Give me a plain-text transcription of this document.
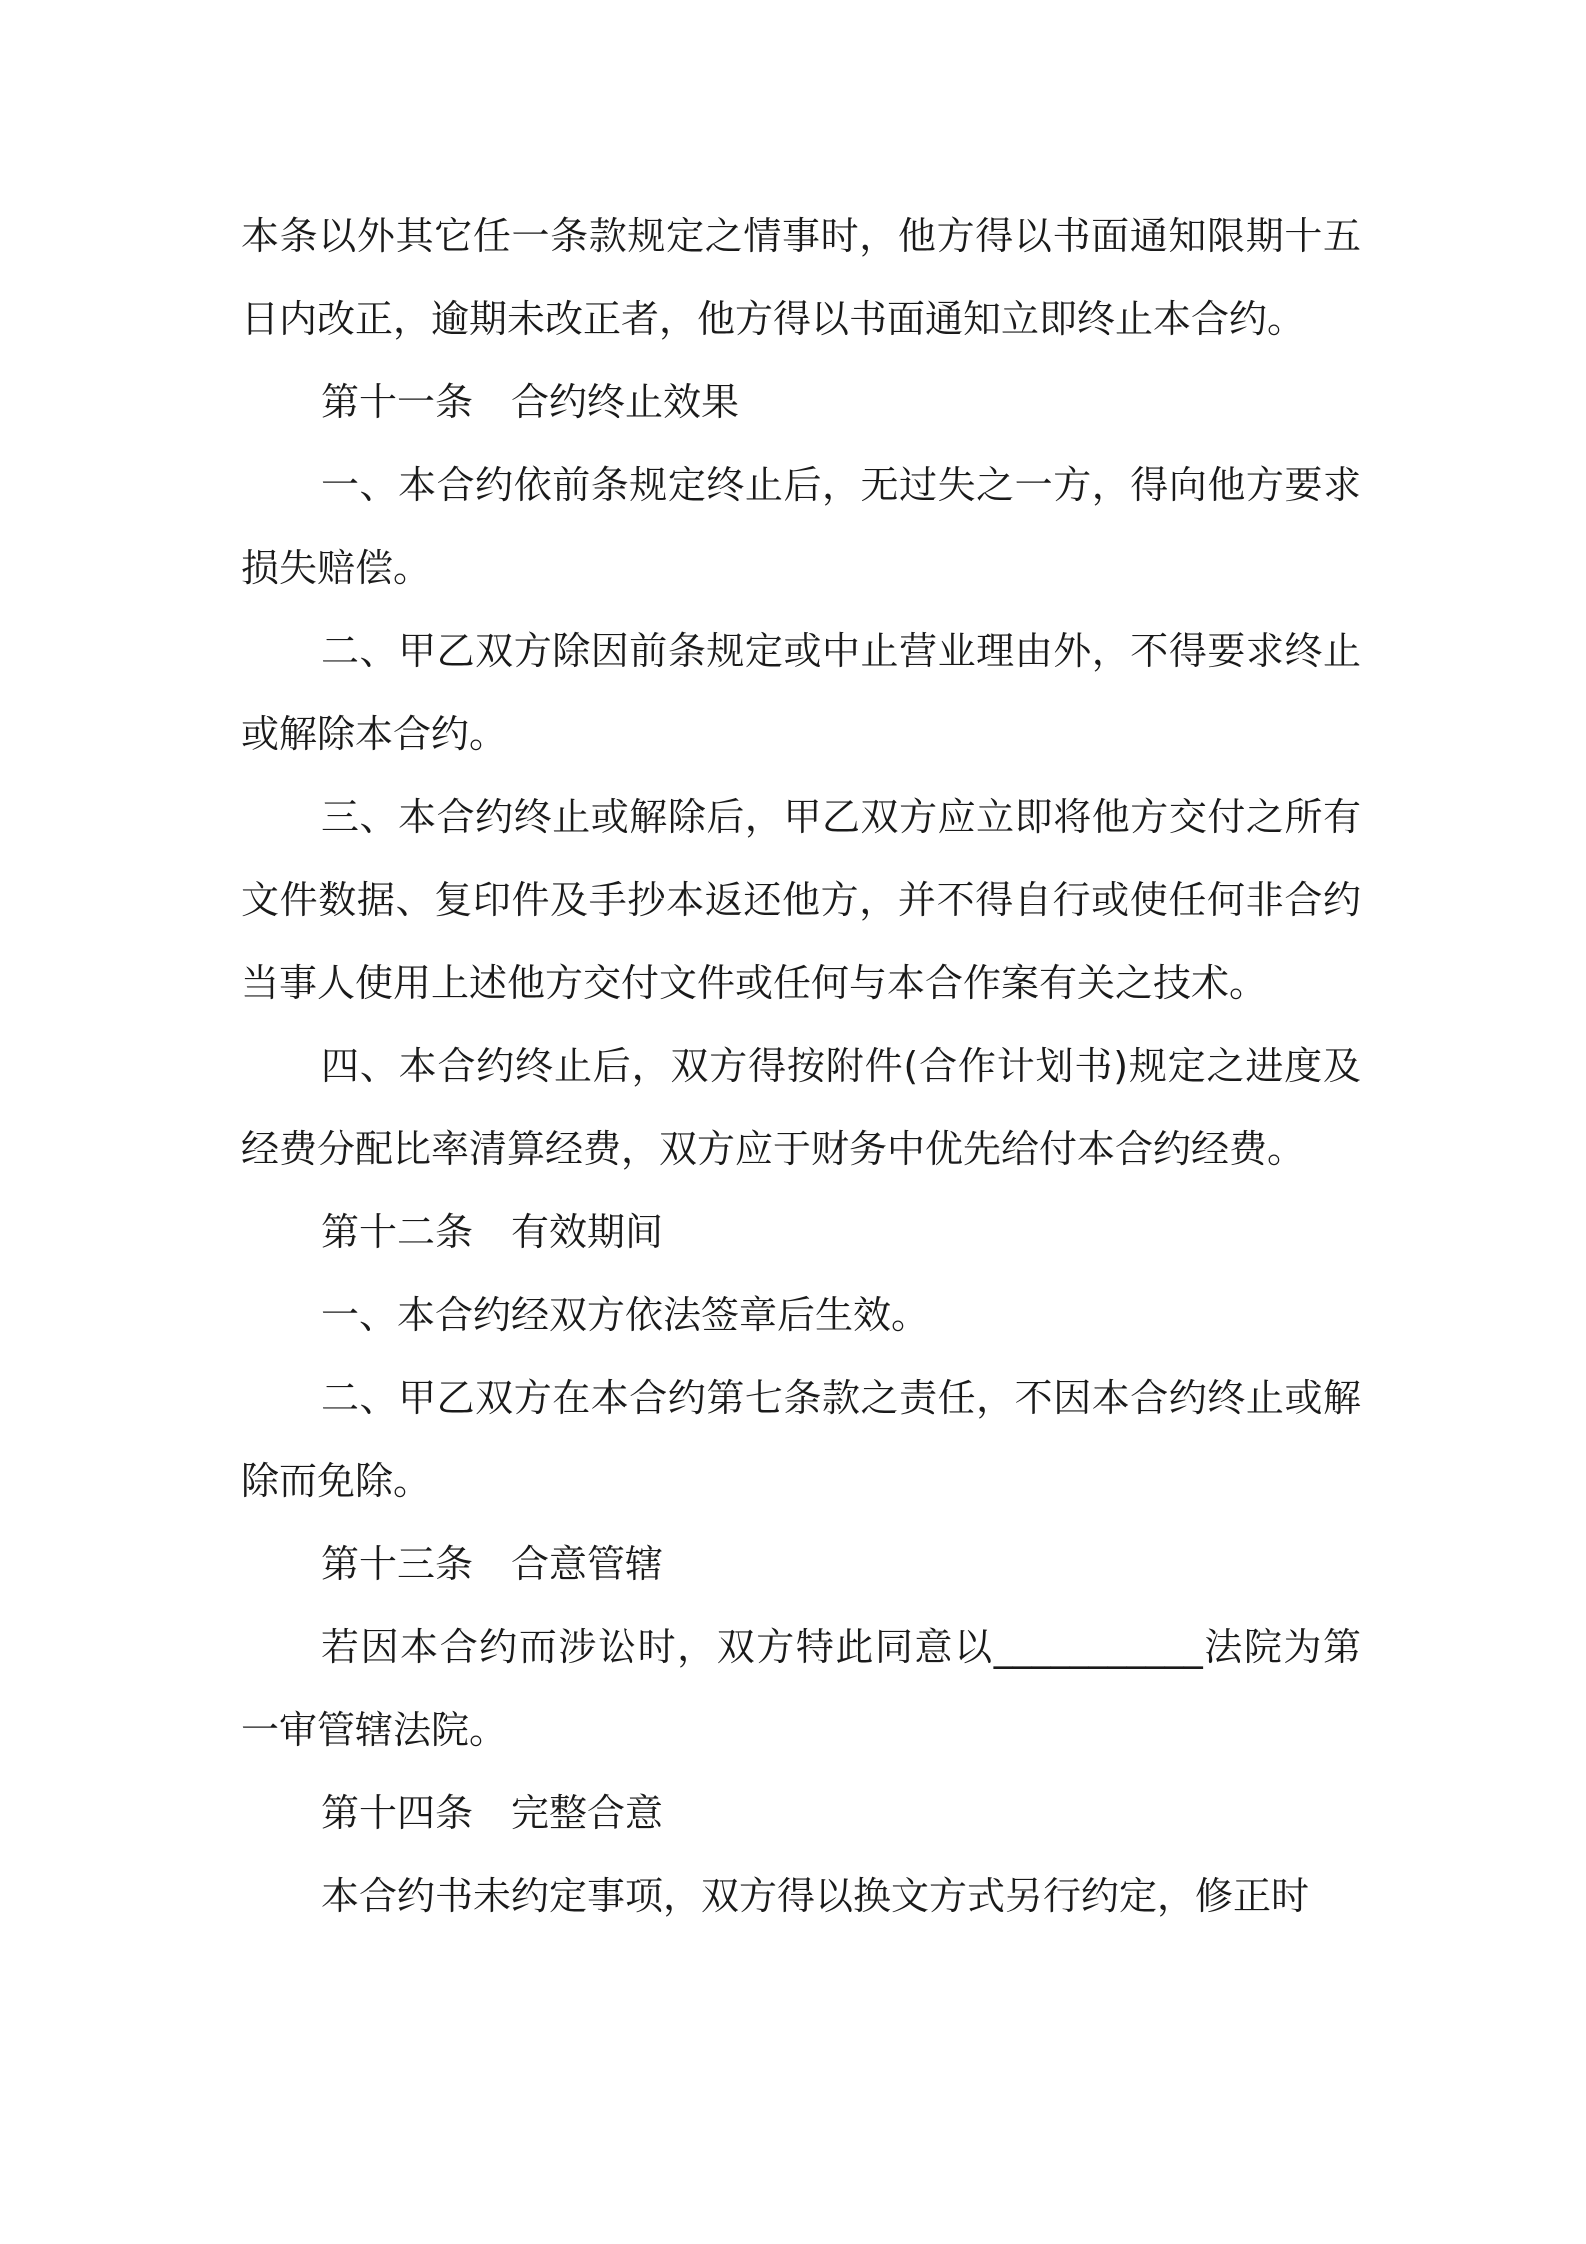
本条以外其它任一条款规定之情事时，他方得以书面通知限期十五日内改正，逾期未改正者，他方得以书面通知立即终止本合约。

第十一条　合约终止效果

一、本合约依前条规定终止后，无过失之一方，得向他方要求损失赔偿。

二、甲乙双方除因前条规定或中止营业理由外，不得要求终止或解除本合约。

三、本合约终止或解除后，甲乙双方应立即将他方交付之所有文件数据、复印件及手抄本返还他方，并不得自行或使任何非合约当事人使用上述他方交付文件或任何与本合作案有关之技术。

四、本合约终止后，双方得按附件(合作计划书)规定之进度及经费分配比率清算经费，双方应于财务中优先给付本合约经费。

第十二条　有效期间

一、本合约经双方依法签章后生效。

二、甲乙双方在本合约第七条款之责任，不因本合约终止或解除而免除。

第十三条　合意管辖

若因本合约而涉讼时，双方特此同意以___________法院为第一审管辖法院。

第十四条　完整合意

本合约书未约定事项，双方得以换文方式另行约定，修正时
